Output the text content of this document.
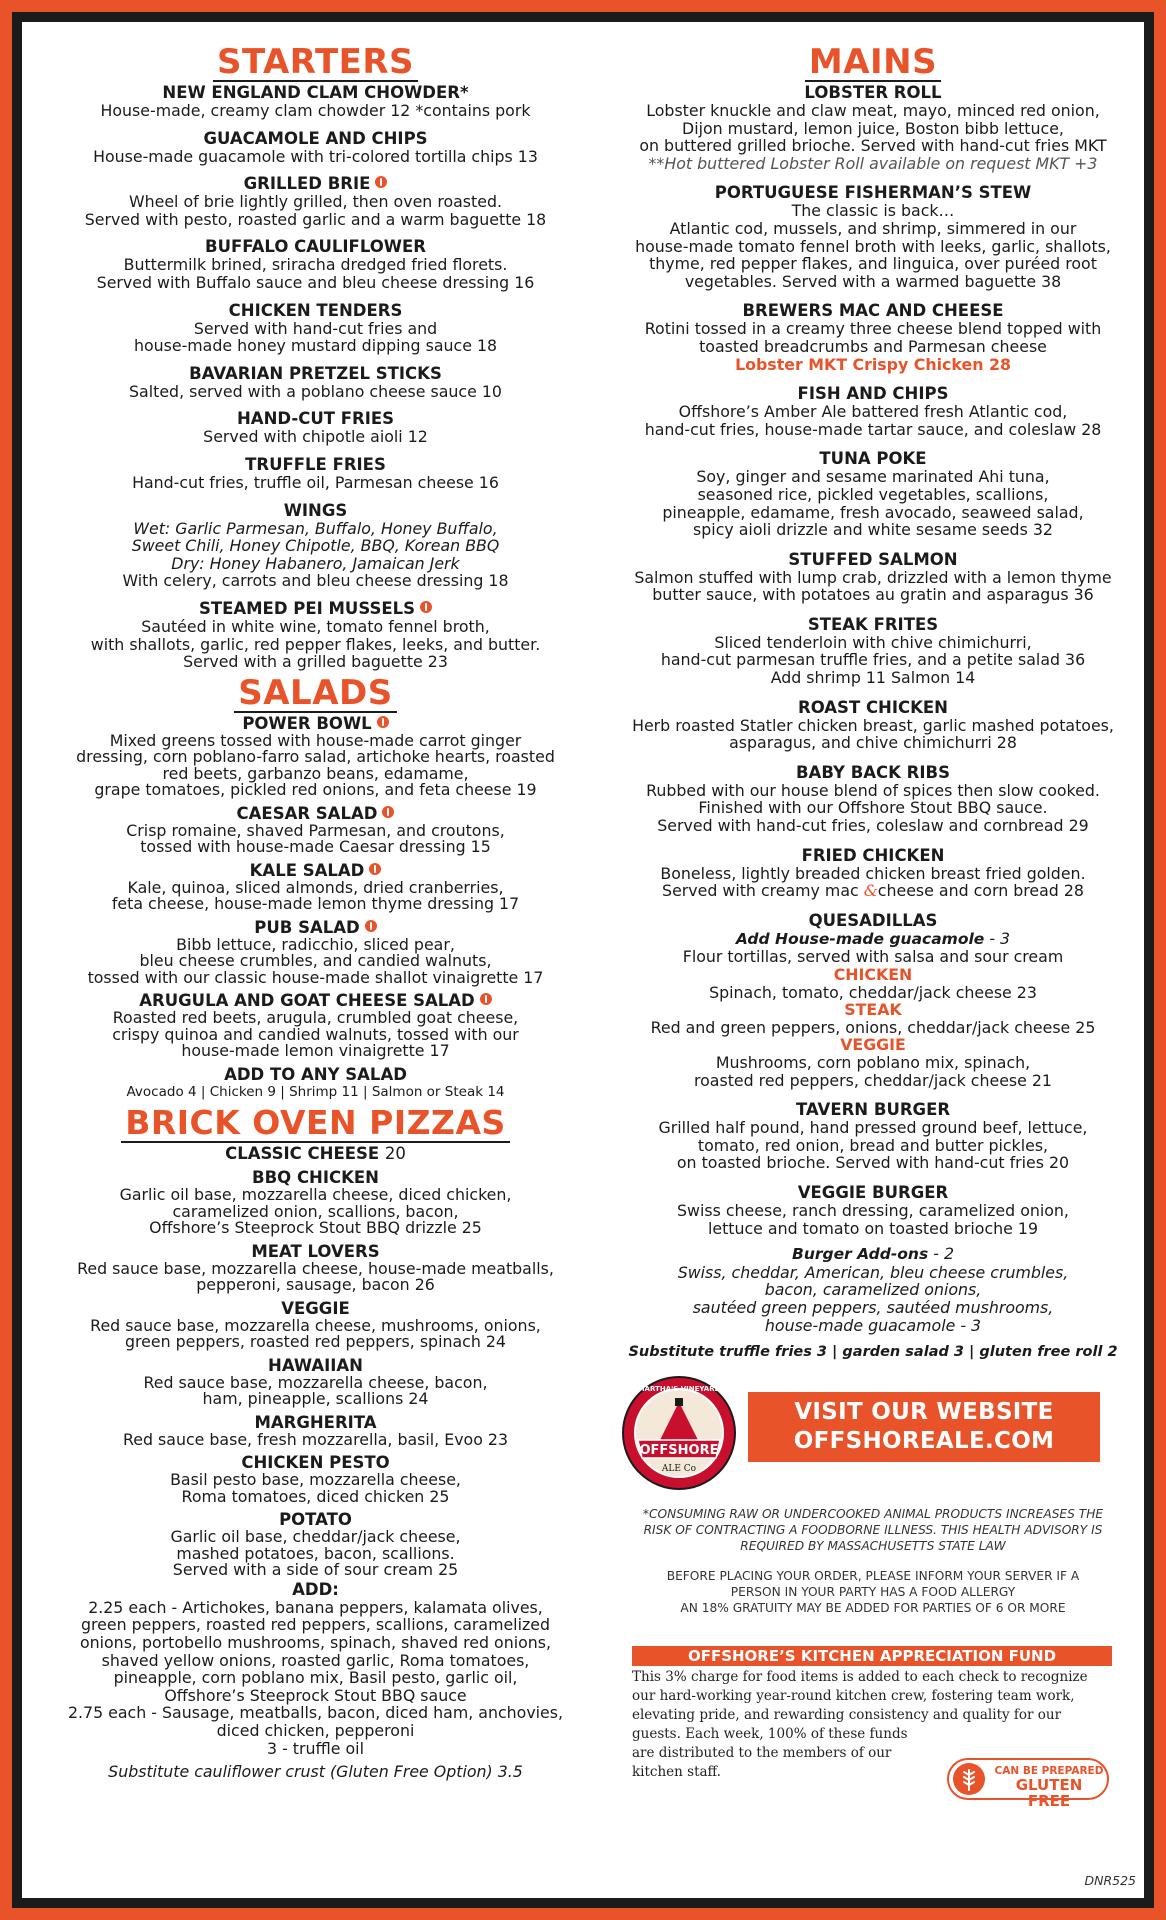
STARTERS
NEW ENGLAND CLAM CHOWDER*
House-made, creamy clam chowder 12 *contains pork
GUACAMOLE AND CHIPS
House-made guacamole with tri-colored tortilla chips 13
GRILLED BRIE
Wheel of brie lightly grilled, then oven roasted.
Served with pesto, roasted garlic and a warm baguette 18
BUFFALO CAULIFLOWER
Buttermilk brined, sriracha dredged fried florets.
Served with Buffalo sauce and bleu cheese dressing 16
CHICKEN TENDERS
Served with hand-cut fries and
house-made honey mustard dipping sauce 18
BAVARIAN PRETZEL STICKS
Salted, served with a poblano cheese sauce 10
HAND-CUT FRIES
Served with chipotle aioli 12
TRUFFLE FRIES
Hand-cut fries, truffle oil, Parmesan cheese 16
WINGS
Wet: Garlic Parmesan, Buffalo, Honey Buffalo,
Sweet Chili, Honey Chipotle, BBQ, Korean BBQ
Dry: Honey Habanero, Jamaican Jerk
With celery, carrots and bleu cheese dressing 18
STEAMED PEI MUSSELS
Sautéed in white wine, tomato fennel broth,
with shallots, garlic, red pepper flakes, leeks, and butter.
Served with a grilled baguette 23
SALADS
POWER BOWL
Mixed greens tossed with house-made carrot ginger
dressing, corn poblano-farro salad, artichoke hearts, roasted
red beets, garbanzo beans, edamame,
grape tomatoes, pickled red onions, and feta cheese 19
CAESAR SALAD
Crisp romaine, shaved Parmesan, and croutons,
tossed with house-made Caesar dressing 15
KALE SALAD
Kale, quinoa, sliced almonds, dried cranberries,
feta cheese, house-made lemon thyme dressing 17
PUB SALAD
Bibb lettuce, radicchio, sliced pear,
bleu cheese crumbles, and candied walnuts,
tossed with our classic house-made shallot vinaigrette 17
ARUGULA AND GOAT CHEESE SALAD
Roasted red beets, arugula, crumbled goat cheese,
crispy quinoa and candied walnuts, tossed with our
house-made lemon vinaigrette 17
ADD TO ANY SALAD
Avocado 4 | Chicken 9 | Shrimp 11 | Salmon or Steak 14
BRICK OVEN PIZZAS
CLASSIC CHEESE 20
BBQ CHICKEN
Garlic oil base, mozzarella cheese, diced chicken,
caramelized onion, scallions, bacon,
Offshore’s Steeprock Stout BBQ drizzle 25
MEAT LOVERS
Red sauce base, mozzarella cheese, house-made meatballs,
pepperoni, sausage, bacon 26
VEGGIE
Red sauce base, mozzarella cheese, mushrooms, onions,
green peppers, roasted red peppers, spinach 24
HAWAIIAN
Red sauce base, mozzarella cheese, bacon,
ham, pineapple, scallions 24
MARGHERITA
Red sauce base, fresh mozzarella, basil, Evoo 23
CHICKEN PESTO
Basil pesto base, mozzarella cheese,
Roma tomatoes, diced chicken 25
POTATO
Garlic oil base, cheddar/jack cheese,
mashed potatoes, bacon, scallions.
Served with a side of sour cream 25
ADD:
2.25 each - Artichokes, banana peppers, kalamata olives,
green peppers, roasted red peppers, scallions, caramelized
onions, portobello mushrooms, spinach, shaved red onions,
shaved yellow onions, roasted garlic, Roma tomatoes,
pineapple, corn poblano mix, Basil pesto, garlic oil,
Offshore’s Steeprock Stout BBQ sauce
2.75 each - Sausage, meatballs, bacon, diced ham, anchovies,
diced chicken, pepperoni
3 - truffle oil
Substitute cauliflower crust (Gluten Free Option) 3.5
MAINS
LOBSTER ROLL
Lobster knuckle and claw meat, mayo, minced red onion,
Dijon mustard, lemon juice, Boston bibb lettuce,
on buttered grilled brioche. Served with hand-cut fries MKT
**Hot buttered Lobster Roll available on request MKT +3
PORTUGUESE FISHERMAN’S STEW
The classic is back…
Atlantic cod, mussels, and shrimp, simmered in our
house-made tomato fennel broth with leeks, garlic, shallots,
thyme, red pepper flakes, and linguica, over puréed root
vegetables. Served with a warmed baguette 38
BREWERS MAC AND CHEESE
Rotini tossed in a creamy three cheese blend topped with
toasted breadcrumbs and Parmesan cheese
Lobster MKT Crispy Chicken 28
FISH AND CHIPS
Offshore’s Amber Ale battered fresh Atlantic cod,
hand-cut fries, house-made tartar sauce, and coleslaw 28
TUNA POKE
Soy, ginger and sesame marinated Ahi tuna,
seasoned rice, pickled vegetables, scallions,
pineapple, edamame, fresh avocado, seaweed salad,
spicy aioli drizzle and white sesame seeds 32
STUFFED SALMON
Salmon stuffed with lump crab, drizzled with a lemon thyme
butter sauce, with potatoes au gratin and asparagus 36
STEAK FRITES
Sliced tenderloin with chive chimichurri,
hand-cut parmesan truffle fries, and a petite salad 36
Add shrimp 11 Salmon 14
ROAST CHICKEN
Herb roasted Statler chicken breast, garlic mashed potatoes,
asparagus, and chive chimichurri 28
BABY BACK RIBS
Rubbed with our house blend of spices then slow cooked.
Finished with our Offshore Stout BBQ sauce.
Served with hand-cut fries, coleslaw and cornbread 29
FRIED CHICKEN
Boneless, lightly breaded chicken breast fried golden.
Served with creamy mac &cheese and corn bread 28
QUESADILLAS
Add House-made guacamole - 3
Flour tortillas, served with salsa and sour cream
CHICKEN
Spinach, tomato, cheddar/jack cheese 23
STEAK
Red and green peppers, onions, cheddar/jack cheese 25
VEGGIE
Mushrooms, corn poblano mix, spinach,
roasted red peppers, cheddar/jack cheese 21
TAVERN BURGER
Grilled half pound, hand pressed ground beef, lettuce,
tomato, red onion, bread and butter pickles,
on toasted brioche. Served with hand-cut fries 20
VEGGIE BURGER
Swiss cheese, ranch dressing, caramelized onion,
lettuce and tomato on toasted brioche 19
Burger Add-ons - 2
Swiss, cheddar, American, bleu cheese crumbles,
bacon, caramelized onions,
sautéed green peppers, sautéed mushrooms,
house-made guacamole - 3
Substitute truffle fries 3 | garden salad 3 | gluten free roll 2
OFFSHORE
ALE Co
MARTHA'S VINEYARD
VISIT OUR WEBSITE
OFFSHOREALE.COM
*CONSUMING RAW OR UNDERCOOKED ANIMAL PRODUCTS INCREASES THE
RISK OF CONTRACTING A FOODBORNE ILLNESS. THIS HEALTH ADVISORY IS
REQUIRED BY MASSACHUSETTS STATE LAW
BEFORE PLACING YOUR ORDER, PLEASE INFORM YOUR SERVER IF A
PERSON IN YOUR PARTY HAS A FOOD ALLERGY
AN 18% GRATUITY MAY BE ADDED FOR PARTIES OF 6 OR MORE
OFFSHORE’S KITCHEN APPRECIATION FUND
This 3% charge for food items is added to each check to recognize
our hard-working year-round kitchen crew, fostering team work,
elevating pride, and rewarding consistency and quality for our
guests. Each week, 100% of these funds
are distributed to the members of our
kitchen staff.	CAN BE PREPARED
GLUTEN FREE
DNR525
